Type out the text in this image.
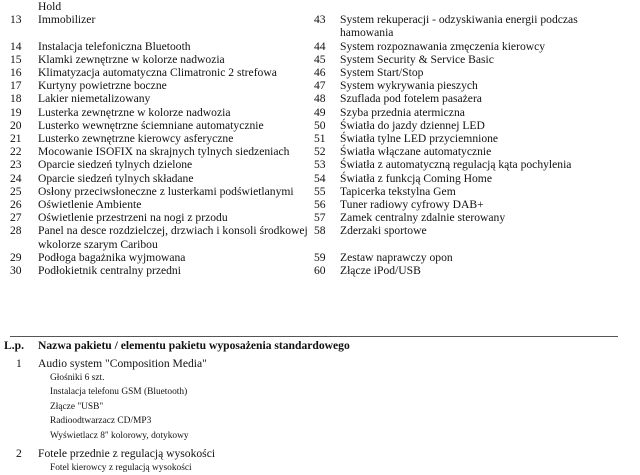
	Hold		
13	Immobilizer	43	System rekuperacji - odzyskiwania energii podczas hamowania
14	Instalacja telefoniczna Bluetooth	44	System rozpoznawania zmęczenia kierowcy
15	Klamki zewnętrzne w kolorze nadwozia	45	System Security & Service Basic
16	Klimatyzacja automatyczna Climatronic 2 strefowa	46	System Start/Stop
17	Kurtyny powietrzne boczne	47	System wykrywania pieszych
18	Lakier niemetalizowany	48	Szuflada pod fotelem pasażera
19	Lusterka zewnętrzne w kolorze nadwozia	49	Szyba przednia atermiczna
20	Lusterko wewnętrzne ściemniane automatycznie	50	Światła do jazdy dziennej LED
21	Lusterko zewnętrzne kierowcy asferyczne	51	Światła tylne LED przyciemnione
22	Mocowanie ISOFIX na skrajnych tylnych siedzeniach	52	Światła włączane automatycznie
23	Oparcie siedzeń tylnych dzielone	53	Światła z automatyczną regulacją kąta pochylenia
24	Oparcie siedzeń tylnych składane	54	Światła z funkcją Coming Home
25	Osłony przeciwsłoneczne z lusterkami podświetlanymi	55	Tapicerka tekstylna Gem
26	Oświetlenie Ambiente	56	Tuner radiowy cyfrowy DAB+
27	Oświetlenie przestrzeni na nogi z przodu	57	Zamek centralny zdalnie sterowany
28	Panel na desce rozdzielczej, drzwiach i konsoli środkowej wkolorze szarym Caribou	58	Zderzaki sportowe
29	Podłoga bagażnika wyjmowana	59	Zestaw naprawczy opon
30	Podłokietnik centralny przedni	60	Złącze iPod/USB
L.p.	Nazwa pakietu / elementu pakietu wyposażenia standardowego
1	Audio system "Composition Media"
Głośniki 6 szt.
Instalacja telefonu GSM (Bluetooth)
Złącze "USB"
Radioodtwarzacz CD/MP3
Wyświetlacz 8" kolorowy, dotykowy
2	Fotele przednie z regulacją wysokości
Fotel kierowcy z regulacją wysokości
